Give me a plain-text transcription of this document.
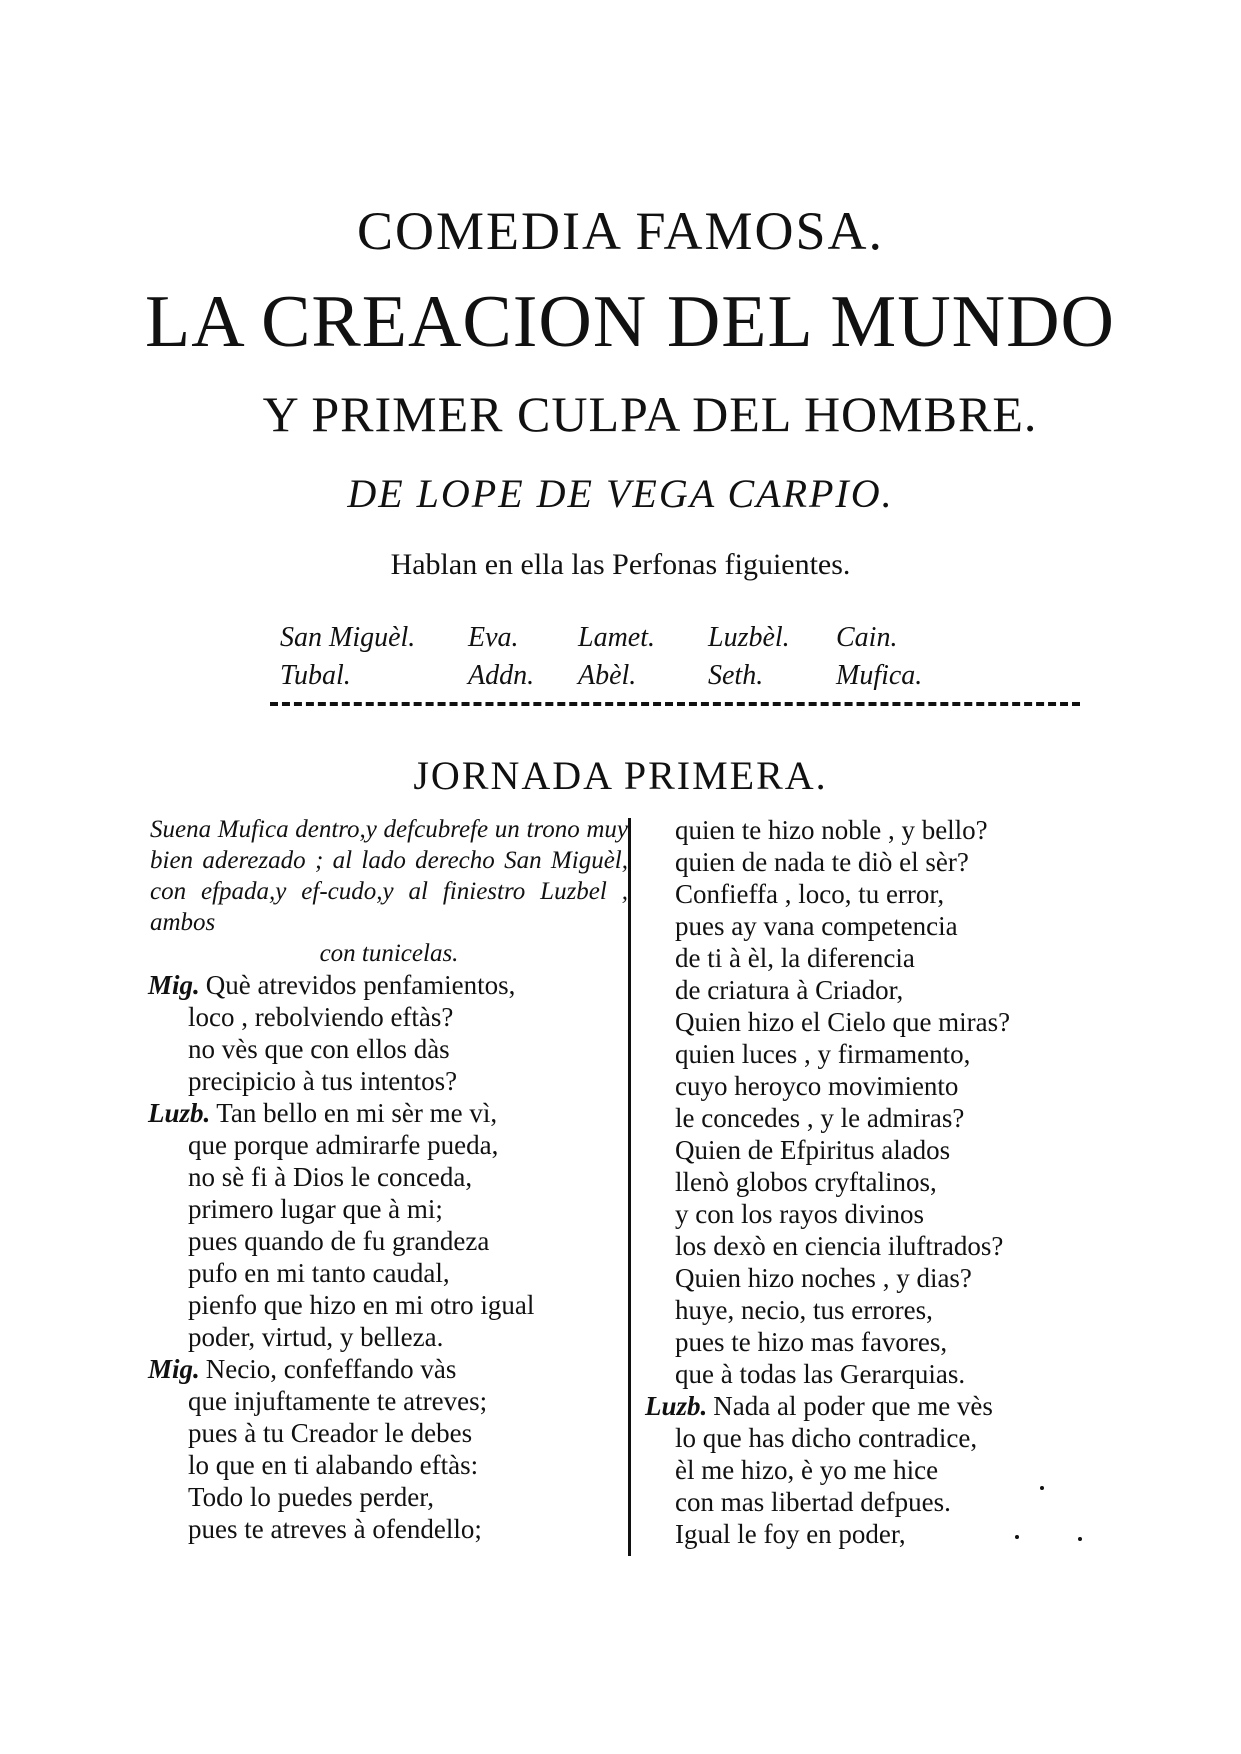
COMEDIA FAMOSA.
LA CREACION DEL MUNDO
Y PRIMER CULPA DEL HOMBRE.
DE LOPE DE VEGA CARPIO.
Hablan en ella las Perfonas figuientes.
San Miguèl.	Eva.	Lamet.	Luzbèl.	Cain.
Tubal.	Addn.	Abèl.	Seth.	Mufica.
JORNADA PRIMERA.
Suena Mufica dentro,y defcubrefe un trono muy bien aderezado ; al lado derecho San Miguèl, con efpada,y ef-cudo,y al finiestro Luzbel , ambos
con tunicelas.
Mig. Què atrevidos penfamientos,
loco , rebolviendo eftàs?
no vès que con ellos dàs
precipicio à tus intentos?
Luzb. Tan bello en mi sèr me vì,
que porque admirarfe pueda,
no sè fi à Dios le conceda,
primero lugar que à mi;
pues quando de fu grandeza
pufo en mi tanto caudal,
pienfo que hizo en mi otro igual
poder, virtud, y belleza.
Mig. Necio, confeffando vàs
que injuftamente te atreves;
pues à tu Creador le debes
lo que en ti alabando eftàs:
Todo lo puedes perder,
pues te atreves à ofendello;
quien te hizo noble , y bello?
quien de nada te diò el sèr?
Confieffa , loco, tu error,
pues ay vana competencia
de ti à èl, la diferencia
de criatura à Criador,
Quien hizo el Cielo que miras?
quien luces , y firmamento,
cuyo heroyco movimiento
le concedes , y le admiras?
Quien de Efpiritus alados
llenò globos cryftalinos,
y con los rayos divinos
los dexò en ciencia iluftrados?
Quien hizo noches , y dias?
huye, necio, tus errores,
pues te hizo mas favores,
que à todas las Gerarquias.
Luzb. Nada al poder que me vès
lo que has dicho contradice,
èl me hizo, è yo me hice
con mas libertad defpues.
Igual le foy en poder,
